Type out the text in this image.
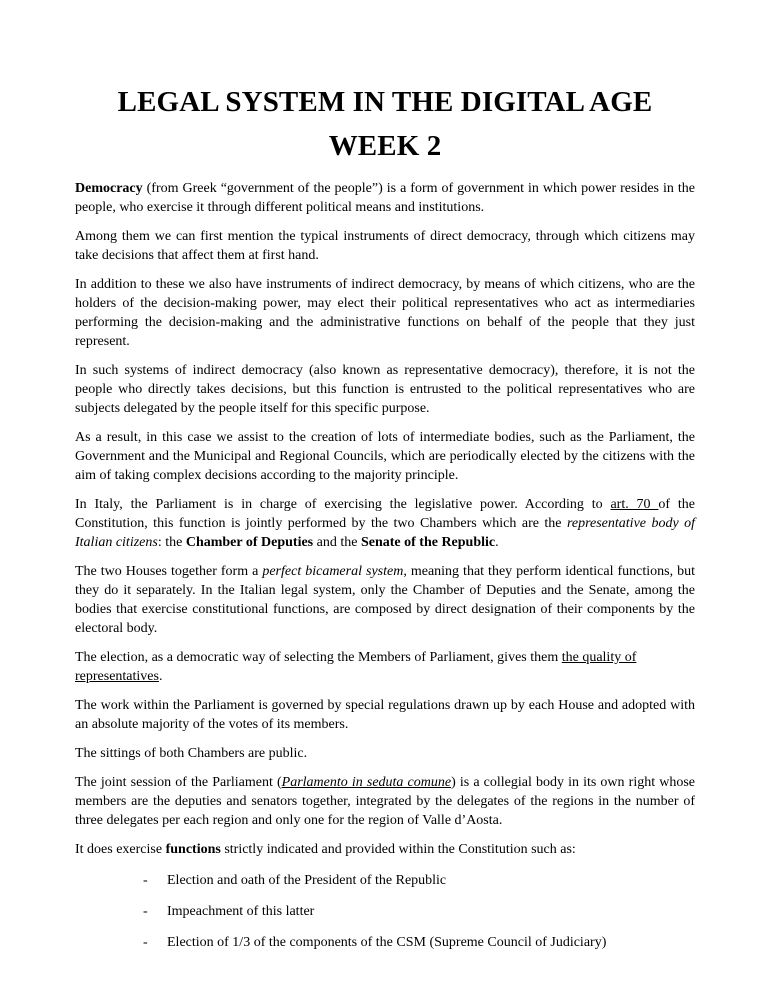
LEGAL SYSTEM IN THE DIGITAL AGE
WEEK 2

Democracy (from Greek “government of the people”) is a form of government in which power resides in the people, who exercise it through different political means and institutions.

Among them we can first mention the typical instruments of direct democracy, through which citizens may take decisions that affect them at first hand.

In addition to these we also have instruments of indirect democracy, by means of which citizens, who are the holders of the decision-making power, may elect their political representatives who act as intermediaries performing the decision-making and the administrative functions on behalf of the people that they just represent.

In such systems of indirect democracy (also known as representative democracy), therefore, it is not the people who directly takes decisions, but this function is entrusted to the political representatives who are subjects delegated by the people itself for this specific purpose.

As a result, in this case we assist to the creation of lots of intermediate bodies, such as the Parliament, the Government and the Municipal and Regional Councils, which are periodically elected by the citizens with the aim of taking complex decisions according to the majority principle.

In Italy, the Parliament is in charge of exercising the legislative power. According to art. 70 of the Constitution, this function is jointly performed by the two Chambers which are the representative body of Italian citizens: the Chamber of Deputies and the Senate of the Republic.

The two Houses together form a perfect bicameral system, meaning that they perform identical functions, but they do it separately. In the Italian legal system, only the Chamber of Deputies and the Senate, among the bodies that exercise constitutional functions, are composed by direct designation of their components by the electoral body.

The election, as a democratic way of selecting the Members of Parliament, gives them the quality of representatives.

The work within the Parliament is governed by special regulations drawn up by each House and adopted with an absolute majority of the votes of its members.

The sittings of both Chambers are public.

The joint session of the Parliament (Parlamento in seduta comune) is a collegial body in its own right whose members are the deputies and senators together, integrated by the delegates of the regions in the number of three delegates per each region and only one for the region of Valle d’Aosta.

It does exercise functions strictly indicated and provided within the Constitution such as:

-	Election and oath of the President of the Republic
-	Impeachment of this latter
-	Election of 1/3 of the components of the CSM (Supreme Council of Judiciary)
